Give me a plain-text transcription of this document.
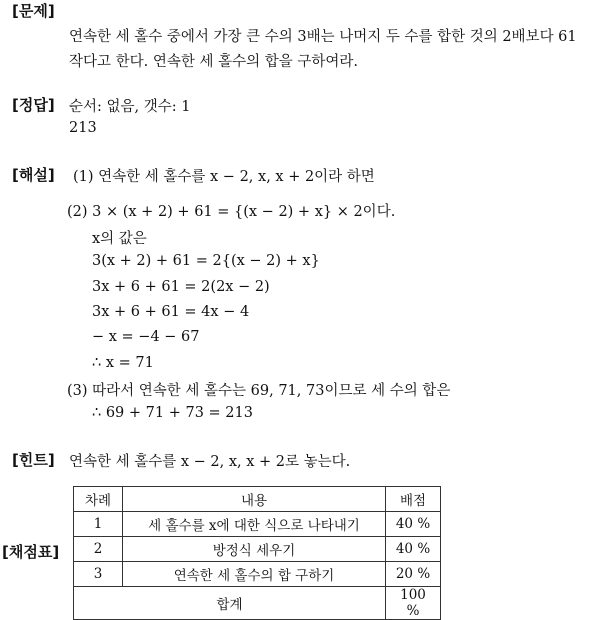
[문제]
연속한 세 홀수 중에서 가장 큰 수의 3배는 나머지 두 수를 합한 것의 2배보다 61
작다고 한다. 연속한 세 홀수의 합을 구하여라.
[정답] 순서: 없음, 갯수: 1
213
[해설] (1) 연속한 세 홀수를 x − 2, x, x + 2이라 하면
(2) 3 × (x + 2) + 61 = {(x − 2) + x} × 2이다.
x의 값은
3(x + 2) + 61 = 2{(x − 2) + x}
3x + 6 + 61 = 2(2x − 2)
3x + 6 + 61 = 4x − 4
− x = −4 − 67
∴ x = 71
(3) 따라서 연속한 세 홀수는 69, 71, 73이므로 세 수의 합은
∴ 69 + 71 + 73 = 213
[힌트] 연속한 세 홀수를 x − 2, x, x + 2로 놓는다.
[채점표]
차례	내용	배점
1	세 홀수를 x에 대한 식으로 나타내기	40 %
2	방정식 세우기	40 %
3	연속한 세 홀수의 합 구하기	20 %
합계		100 %
